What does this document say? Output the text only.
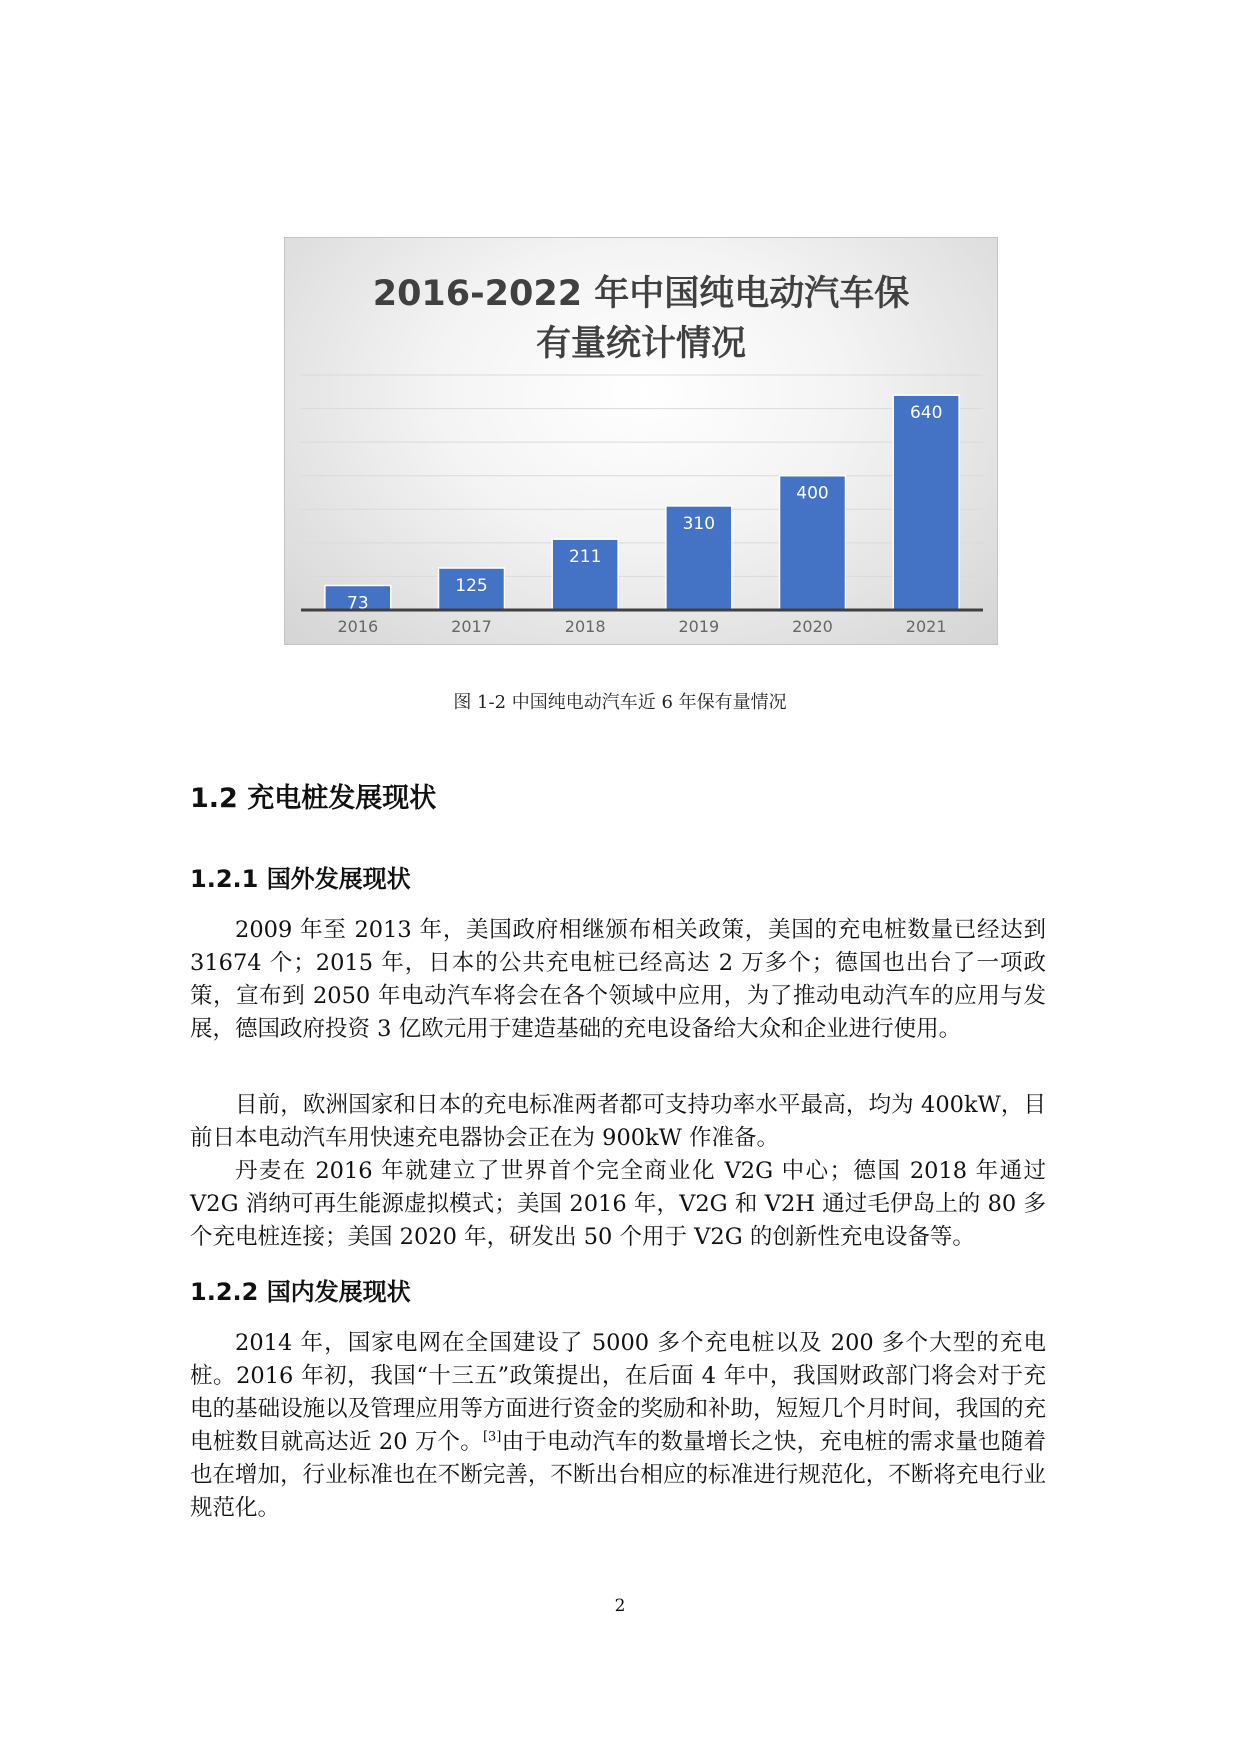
2016-2022 年中国纯电动汽车保
有量统计情况
73
2016
125
2017
211
2018
310
2019
400
2020
640
2021
图 1-2 中国纯电动汽车近 6 年保有量情况
1.2 充电桩发展现状
1.2.1 国外发展现状

2009 年至 2013 年，美国政府相继颁布相关政策，美国的充电桩数量已经达到 31674 个；2015 年，日本的公共充电桩已经高达 2 万多个；德国也出台了一项政策，宣布到 2050 年电动汽车将会在各个领域中应用，为了推动电动汽车的应用与发展，德国政府投资 3 亿欧元用于建造基础的充电设备给大众和企业进行使用。

目前，欧洲国家和日本的充电标准两者都可支持功率水平最高，均为 400kW，目前日本电动汽车用快速充电器协会正在为 900kW 作准备。

丹麦在 2016 年就建立了世界首个完全商业化 V2G 中心；德国 2018 年通过 V2G 消纳可再生能源虚拟模式；美国 2016 年，V2G 和 V2H 通过毛伊岛上的 80 多个充电桩连接；美国 2020 年，研发出 50 个用于 V2G 的创新性充电设备等。

1.2.2 国内发展现状

2014 年，国家电网在全国建设了 5000 多个充电桩以及 200 多个大型的充电桩。2016 年初，我国“十三五”政策提出，在后面 4 年中，我国财政部门将会对于充电的基础设施以及管理应用等方面进行资金的奖励和补助，短短几个月时间，我国的充电桩数目就高达近 20 万个。[3]由于电动汽车的数量增长之快，充电桩的需求量也随着也在增加，行业标准也在不断完善，不断出台相应的标准进行规范化，不断将充电行业规范化。

2
